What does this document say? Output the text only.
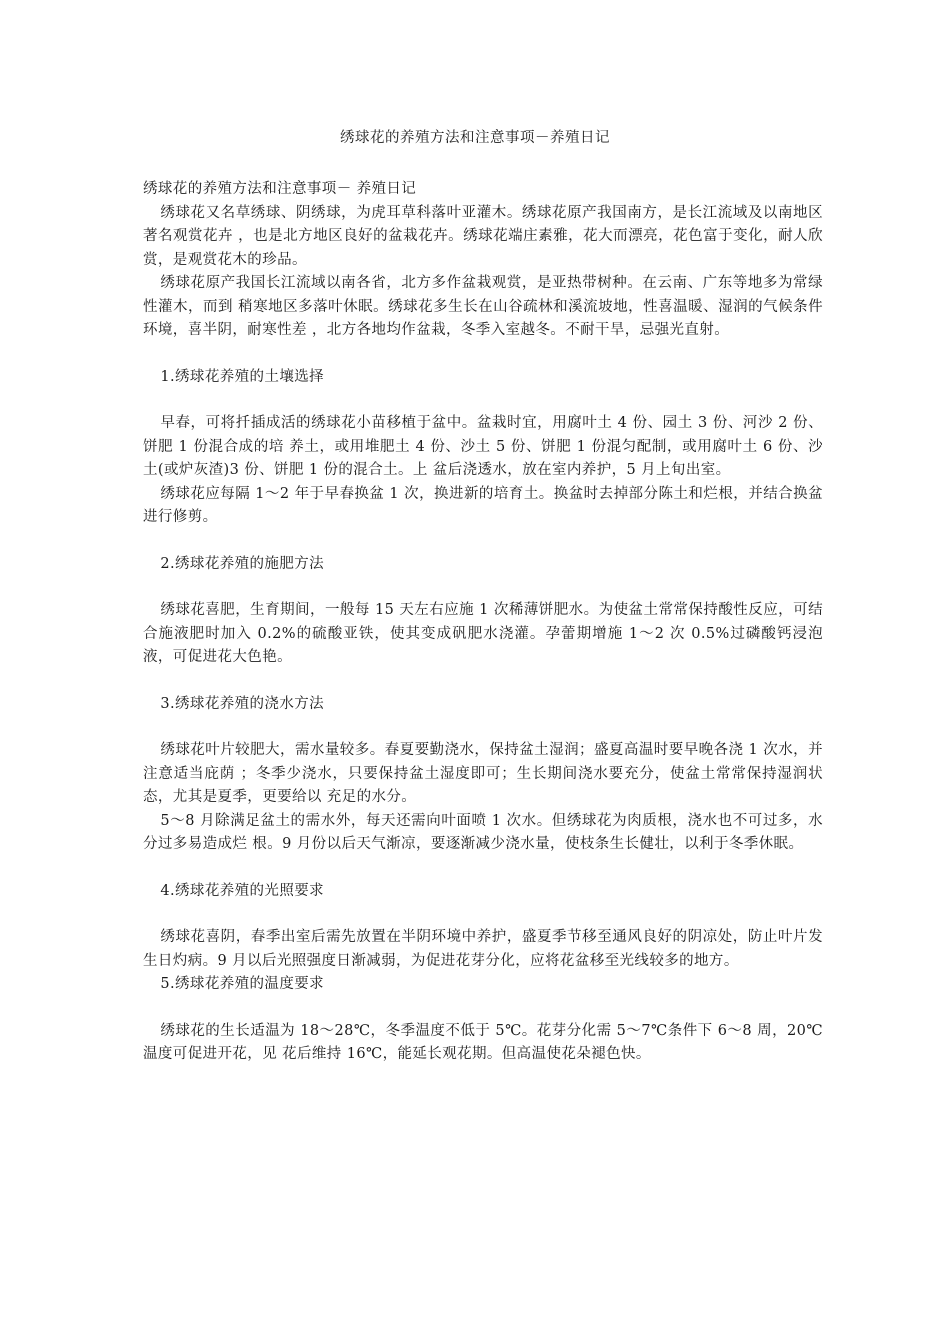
绣球花的养殖方法和注意事项－养殖日记

绣球花的养殖方法和注意事项－ 养殖日记

绣球花又名草绣球、阴绣球，为虎耳草科落叶亚灌木。绣球花原产我国南方，是长江流域及以南地区著名观赏花卉 ，也是北方地区良好的盆栽花卉。绣球花端庄素雅，花大而漂亮，花色富于变化，耐人欣赏，是观赏花木的珍品。

绣球花原产我国长江流域以南各省，北方多作盆栽观赏，是亚热带树种。在云南、广东等地多为常绿性灌木，而到 稍寒地区多落叶休眠。绣球花多生长在山谷疏林和溪流坡地，性喜温暖、湿润的气候条件环境，喜半阴，耐寒性差 ，北方各地均作盆栽，冬季入室越冬。不耐干旱，忌强光直射。

1.绣球花养殖的土壤选择

早春，可将扦插成活的绣球花小苗移植于盆中。盆栽时宜，用腐叶土 4 份、园土 3 份、河沙 2 份、饼肥 1 份混合成的培 养土，或用堆肥土 4 份、沙土 5 份、饼肥 1 份混匀配制，或用腐叶土 6 份、沙土(或炉灰渣)3 份、饼肥 1 份的混合土。上 盆后浇透水，放在室内养护，5 月上旬出室。

绣球花应每隔 1～2 年于早春换盆 1 次，换进新的培育土。换盆时去掉部分陈土和烂根，并结合换盆进行修剪。

2.绣球花养殖的施肥方法

绣球花喜肥，生育期间，一般每 15 天左右应施 1 次稀薄饼肥水。为使盆土常常保持酸性反应，可结合施液肥时加入 0.2%的硫酸亚铁，使其变成矾肥水浇灌。孕蕾期增施 1～2 次 0.5%过磷酸钙浸泡液，可促进花大色艳。

3.绣球花养殖的浇水方法

绣球花叶片较肥大，需水量较多。春夏要勤浇水，保持盆土湿润；盛夏高温时要早晚各浇 1 次水，并注意适当庇荫 ；冬季少浇水，只要保持盆土湿度即可；生长期间浇水要充分，使盆土常常保持湿润状态，尤其是夏季，更要给以 充足的水分。

5～8 月除满足盆土的需水外，每天还需向叶面喷 1 次水。但绣球花为肉质根，浇水也不可过多，水分过多易造成烂 根。9 月份以后天气渐凉，要逐渐减少浇水量，使枝条生长健壮，以利于冬季休眠。

4.绣球花养殖的光照要求

绣球花喜阴，春季出室后需先放置在半阴环境中养护，盛夏季节移至通风良好的阴凉处，防止叶片发生日灼病。9 月以后光照强度日渐减弱，为促进花芽分化，应将花盆移至光线较多的地方。

5.绣球花养殖的温度要求

绣球花的生长适温为 18～28℃，冬季温度不低于 5℃。花芽分化需 5～7℃条件下 6～8 周，20℃温度可促进开花，见 花后维持 16℃，能延长观花期。但高温使花朵褪色快。
